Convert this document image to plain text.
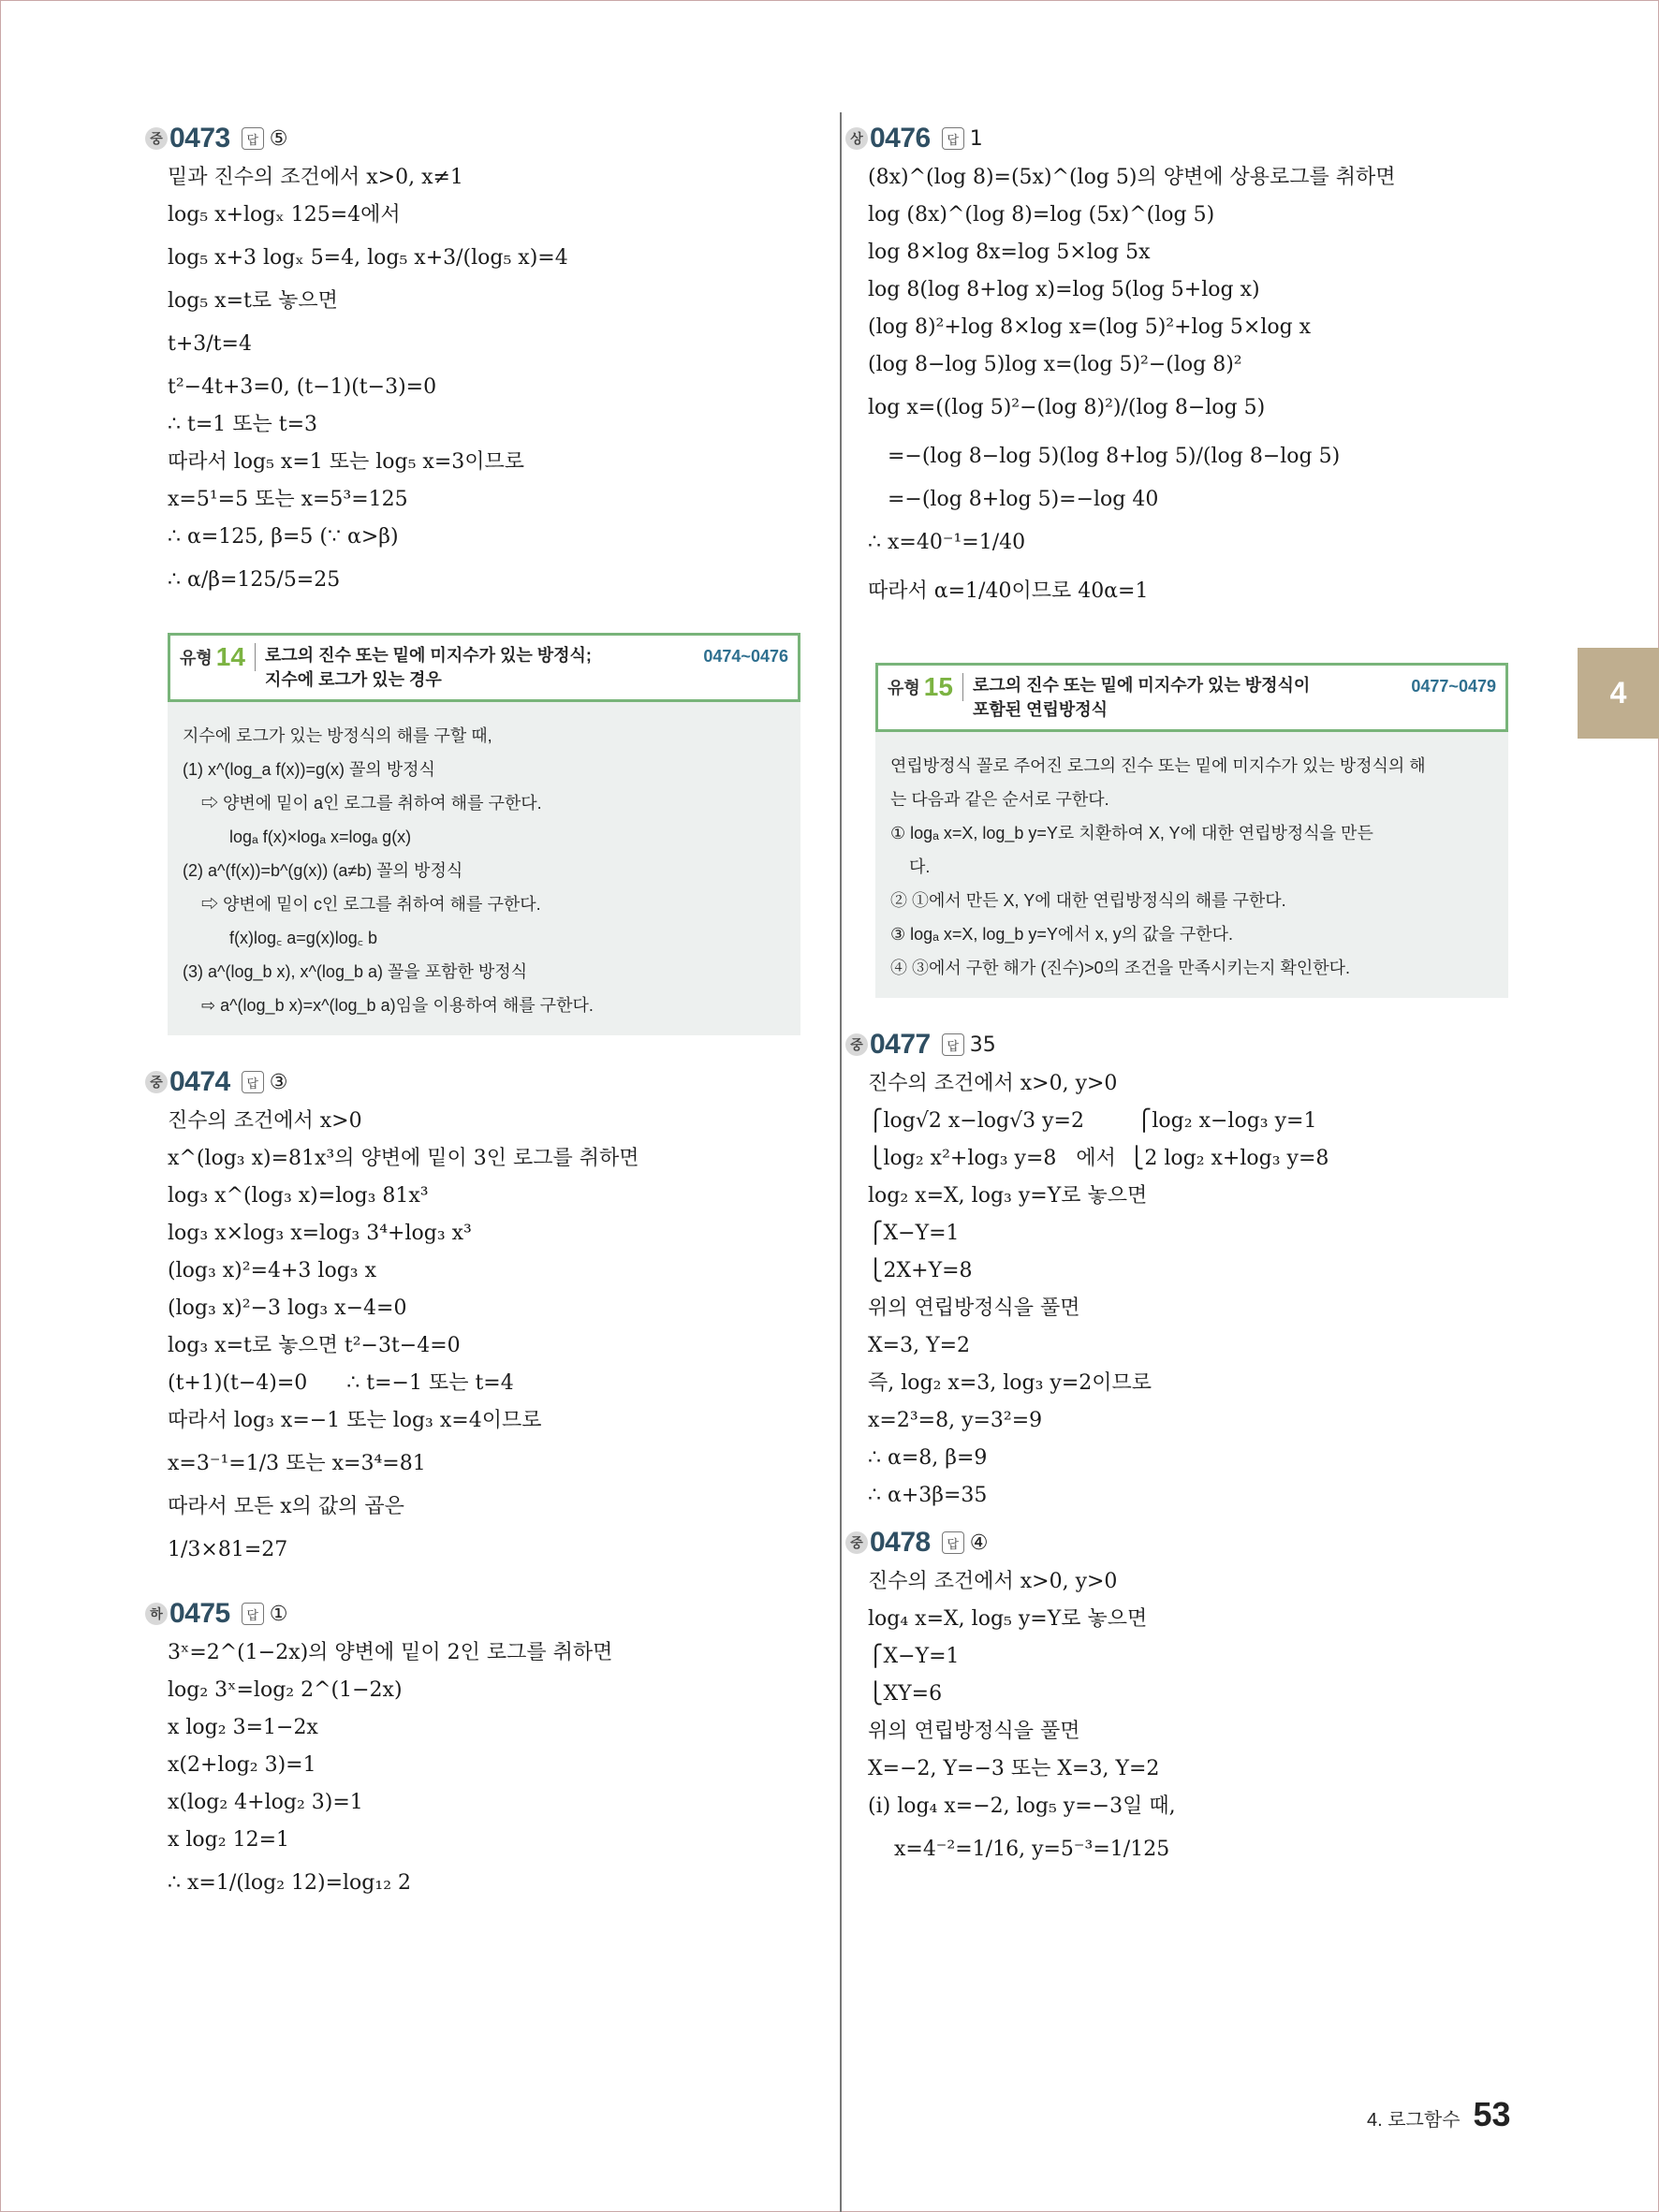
중 0473	답 ⑤
밑과 진수의 조건에서 x>0, x≠1
log₅ x+logₓ 125=4에서
log₅ x+3 logₓ 5=4, log₅ x+3/(log₅ x)=4
log₅ x=t로 놓으면
t+3/t=4
t²−4t+3=0, (t−1)(t−3)=0
∴ t=1 또는 t=3
따라서 log₅ x=1 또는 log₅ x=3이므로
x=5¹=5 또는 x=5³=125
∴ α=125, β=5 (∵ α>β)
∴ α/β=125/5=25
유형 14 로그의 진수 또는 밑에 미지수가 있는 방정식;
지수에 로그가 있는 경우
0474~0476
지수에 로그가 있는 방정식의 해를 구할 때,
(1) x^(log_a f(x))=g(x) 꼴의 방정식
⇨ 양변에 밑이 a인 로그를 취하여 해를 구한다.
logₐ f(x)×logₐ x=logₐ g(x)
(2) a^(f(x))=b^(g(x)) (a≠b) 꼴의 방정식
⇨ 양변에 밑이 c인 로그를 취하여 해를 구한다.
f(x)log꜀ a=g(x)log꜀ b
(3) a^(log_b x), x^(log_b a) 꼴을 포함한 방정식
⇨ a^(log_b x)=x^(log_b a)임을 이용하여 해를 구한다.
중 0474	답 ③
진수의 조건에서 x>0
x^(log₃ x)=81x³의 양변에 밑이 3인 로그를 취하면
log₃ x^(log₃ x)=log₃ 81x³
log₃ x×log₃ x=log₃ 3⁴+log₃ x³
(log₃ x)²=4+3 log₃ x
(log₃ x)²−3 log₃ x−4=0
log₃ x=t로 놓으면 t²−3t−4=0
(t+1)(t−4)=0      ∴ t=−1 또는 t=4
따라서 log₃ x=−1 또는 log₃ x=4이므로
x=3⁻¹=1/3 또는 x=3⁴=81
따라서 모든 x의 값의 곱은
1/3×81=27
하 0475	답 ①
3ˣ=2^(1−2x)의 양변에 밑이 2인 로그를 취하면
log₂ 3ˣ=log₂ 2^(1−2x)
x log₂ 3=1−2x
x(2+log₂ 3)=1
x(log₂ 4+log₂ 3)=1
x log₂ 12=1
∴ x=1/(log₂ 12)=log₁₂ 2
상 0476	답 1
(8x)^(log 8)=(5x)^(log 5)의 양변에 상용로그를 취하면
log (8x)^(log 8)=log (5x)^(log 5)
log 8×log 8x=log 5×log 5x
log 8(log 8+log x)=log 5(log 5+log x)
(log 8)²+log 8×log x=(log 5)²+log 5×log x
(log 8−log 5)log x=(log 5)²−(log 8)²
log x=((log 5)²−(log 8)²)/(log 8−log 5)
=−(log 8−log 5)(log 8+log 5)/(log 8−log 5)
=−(log 8+log 5)=−log 40
∴ x=40⁻¹=1/40
따라서 α=1/40이므로 40α=1
유형 15 로그의 진수 또는 밑에 미지수가 있는 방정식이
포함된 연립방정식
0477~0479
연립방정식 꼴로 주어진 로그의 진수 또는 밑에 미지수가 있는 방정식의 해
는 다음과 같은 순서로 구한다.
① logₐ x=X, log_b y=Y로 치환하여 X, Y에 대한 연립방정식을 만든
다.
② ①에서 만든 X, Y에 대한 연립방정식의 해를 구한다.
③ logₐ x=X, log_b y=Y에서 x, y의 값을 구한다.
④ ③에서 구한 해가 (진수)>0의 조건을 만족시키는지 확인한다.
중 0477	답 35
진수의 조건에서 x>0, y>0
⎧log√2 x−log√3 y=2        ⎧log₂ x−log₃ y=1
⎩log₂ x²+log₃ y=8   에서  ⎩2 log₂ x+log₃ y=8
log₂ x=X, log₃ y=Y로 놓으면
⎧X−Y=1
⎩2X+Y=8
위의 연립방정식을 풀면
X=3, Y=2
즉, log₂ x=3, log₃ y=2이므로
x=2³=8, y=3²=9
∴ α=8, β=9
∴ α+3β=35
중 0478	답 ④
진수의 조건에서 x>0, y>0
log₄ x=X, log₅ y=Y로 놓으면
⎧X−Y=1
⎩XY=6
위의 연립방정식을 풀면
X=−2, Y=−3 또는 X=3, Y=2
(i) log₄ x=−2, log₅ y=−3일 때,
x=4⁻²=1/16, y=5⁻³=1/125
4
4. 로그함수 53
